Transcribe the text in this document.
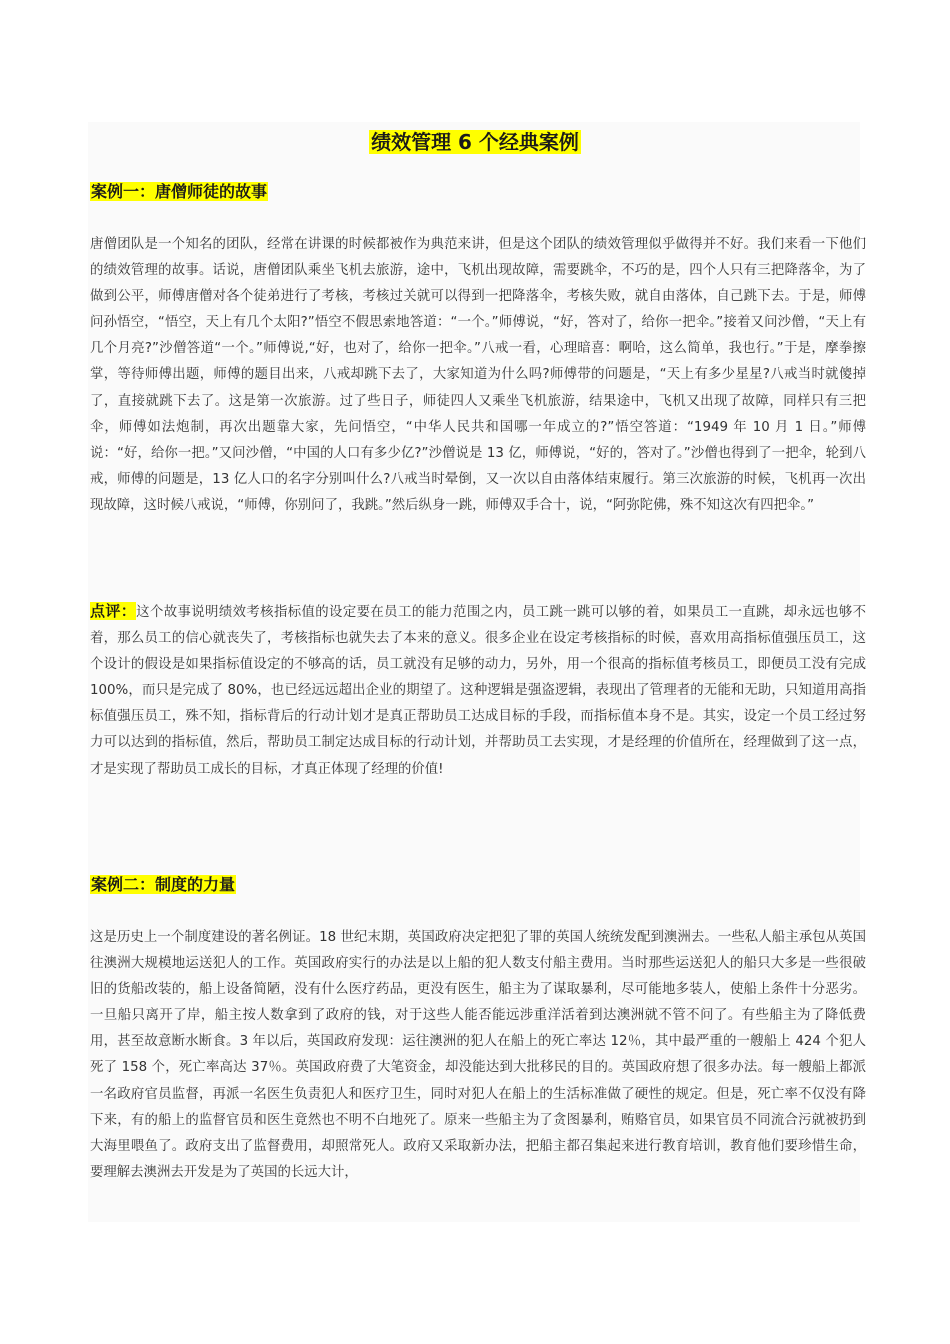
绩效管理 6 个经典案例
案例一：唐僧师徒的故事

唐僧团队是一个知名的团队，经常在讲课的时候都被作为典范来讲，但是这个团队的绩效管理似乎做得并不好。我们来看一下他们的绩效管理的故事。话说，唐僧团队乘坐飞机去旅游，途中，飞机出现故障，需要跳伞，不巧的是，四个人只有三把降落伞，为了做到公平，师傅唐僧对各个徒弟进行了考核，考核过关就可以得到一把降落伞，考核失败，就自由落体，自己跳下去。于是，师傅问孙悟空，“悟空，天上有几个太阳?”悟空不假思索地答道：“一个。”师傅说，“好，答对了，给你一把伞。”接着又问沙僧，“天上有几个月亮?”沙僧答道“一个。”师傅说,“好，也对了，给你一把伞。”八戒一看，心理暗喜：啊哈，这么简单，我也行。”于是，摩拳擦掌，等待师傅出题，师傅的题目出来，八戒却跳下去了，大家知道为什么吗?师傅带的问题是，“天上有多少星星?八戒当时就傻掉了，直接就跳下去了。这是第一次旅游。过了些日子，师徒四人又乘坐飞机旅游，结果途中，飞机又出现了故障，同样只有三把伞，师傅如法炮制，再次出题靠大家，先问悟空，“中华人民共和国哪一年成立的?”悟空答道：“1949 年 10 月 1 日。”师傅说：“好，给你一把。”又问沙僧，“中国的人口有多少亿?”沙僧说是 13 亿，师傅说，“好的，答对了。”沙僧也得到了一把伞，轮到八戒，师傅的问题是，13 亿人口的名字分别叫什么?八戒当时晕倒，又一次以自由落体结束履行。第三次旅游的时候，飞机再一次出现故障，这时候八戒说，“师傅，你别问了，我跳。”然后纵身一跳，师傅双手合十，说，“阿弥陀佛，殊不知这次有四把伞。”

点评：这个故事说明绩效考核指标值的设定要在员工的能力范围之内，员工跳一跳可以够的着，如果员工一直跳，却永远也够不着，那么员工的信心就丧失了，考核指标也就失去了本来的意义。很多企业在设定考核指标的时候，喜欢用高指标值强压员工，这个设计的假设是如果指标值设定的不够高的话，员工就没有足够的动力，另外，用一个很高的指标值考核员工，即便员工没有完成 100%，而只是完成了 80%，也已经远远超出企业的期望了。这种逻辑是强盗逻辑，表现出了管理者的无能和无助，只知道用高指标值强压员工，殊不知，指标背后的行动计划才是真正帮助员工达成目标的手段，而指标值本身不是。其实，设定一个员工经过努力可以达到的指标值，然后，帮助员工制定达成目标的行动计划，并帮助员工去实现，才是经理的价值所在，经理做到了这一点，才是实现了帮助员工成长的目标，才真正体现了经理的价值!

案例二：制度的力量

这是历史上一个制度建设的著名例证。18 世纪末期，英国政府决定把犯了罪的英国人统统发配到澳洲去。一些私人船主承包从英国往澳洲大规模地运送犯人的工作。英国政府实行的办法是以上船的犯人数支付船主费用。当时那些运送犯人的船只大多是一些很破旧的货船改装的，船上设备简陋，没有什么医疗药品，更没有医生，船主为了谋取暴利，尽可能地多装人，使船上条件十分恶劣。一旦船只离开了岸，船主按人数拿到了政府的钱，对于这些人能否能远涉重洋活着到达澳洲就不管不问了。有些船主为了降低费用，甚至故意断水断食。3 年以后，英国政府发现：运往澳洲的犯人在船上的死亡率达 12％，其中最严重的一艘船上 424 个犯人死了 158 个，死亡率高达 37％。英国政府费了大笔资金，却没能达到大批移民的目的。英国政府想了很多办法。每一艘船上都派一名政府官员监督，再派一名医生负责犯人和医疗卫生，同时对犯人在船上的生活标准做了硬性的规定。但是，死亡率不仅没有降下来，有的船上的监督官员和医生竟然也不明不白地死了。原来一些船主为了贪图暴利，贿赂官员，如果官员不同流合污就被扔到大海里喂鱼了。政府支出了监督费用，却照常死人。政府又采取新办法，把船主都召集起来进行教育培训，教育他们要珍惜生命，要理解去澳洲去开发是为了英国的长远大计，
